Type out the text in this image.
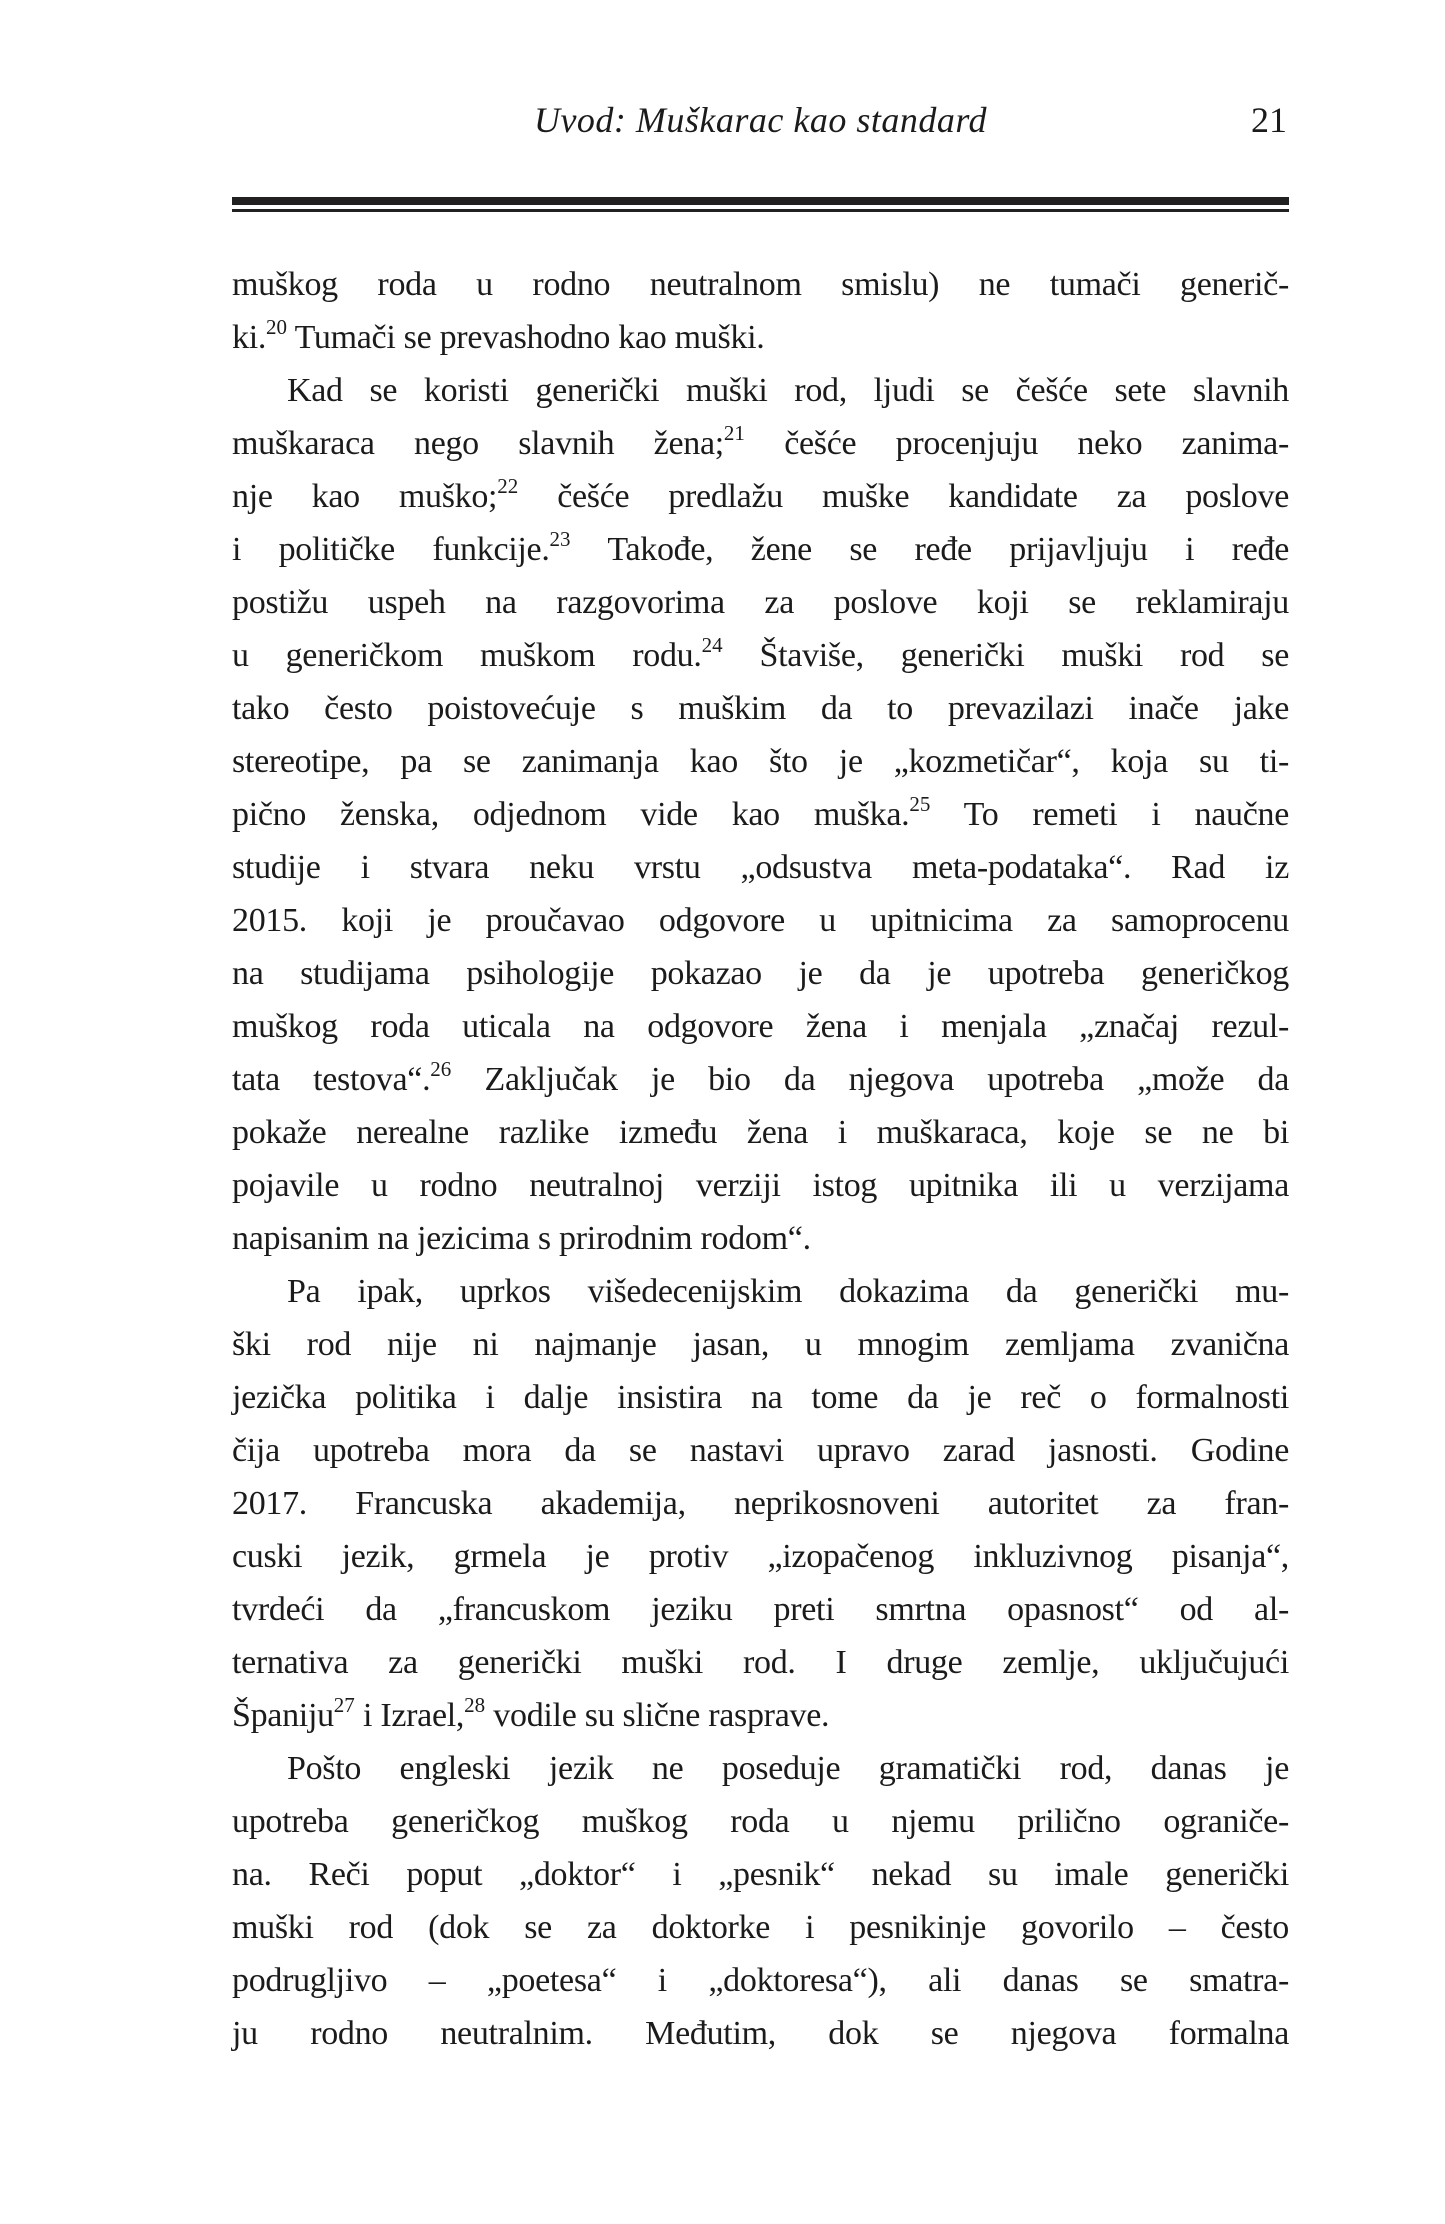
Uvod: Muškarac kao standard	21
muškog roda u rodno neutralnom smislu) ne tumači generič-
ki.$^{20}$ Tumači se prevashodno kao muški.
Kad se koristi generički muški rod, ljudi se češće sete slavnih
muškaraca nego slavnih žena;$^{21}$ češće procenjuju neko zanima-
nje kao muško;$^{22}$ češće predlažu muške kandidate za poslove
i političke funkcije.$^{23}$ Takođe, žene se ređe prijavljuju i ređe
postižu uspeh na razgovorima za poslove koji se reklamiraju
u generičkom muškom rodu.$^{24}$ Štaviše, generički muški rod se
tako često poistovećuje s muškim da to prevazilazi inače jake
stereotipe, pa se zanimanja kao što je „kozmetičar“, koja su ti-
pično ženska, odjednom vide kao muška.$^{25}$ To remeti i naučne
studije i stvara neku vrstu „odsustva meta-podataka“. Rad iz
2015. koji je proučavao odgovore u upitnicima za samoprocenu
na studijama psihologije pokazao je da je upotreba generičkog
muškog roda uticala na odgovore žena i menjala „značaj rezul-
tata testova“.$^{26}$ Zaključak je bio da njegova upotreba „može da
pokaže nerealne razlike između žena i muškaraca, koje se ne bi
pojavile u rodno neutralnoj verziji istog upitnika ili u verzijama
napisanim na jezicima s prirodnim rodom“.
Pa ipak, uprkos višedecenijskim dokazima da generički mu-
ški rod nije ni najmanje jasan, u mnogim zemljama zvanična
jezička politika i dalje insistira na tome da je reč o formalnosti
čija upotreba mora da se nastavi upravo zarad jasnosti. Godine
2017. Francuska akademija, neprikosnoveni autoritet za fran-
cuski jezik, grmela je protiv „izopačenog inkluzivnog pisanja“,
tvrdeći da „francuskom jeziku preti smrtna opasnost“ od al-
ternativa za generički muški rod. I druge zemlje, uključujući
Španiju$^{27}$ i Izrael,$^{28}$ vodile su slične rasprave.
Pošto engleski jezik ne poseduje gramatički rod, danas je
upotreba generičkog muškog roda u njemu prilično ograniče-
na. Reči poput „doktor“ i „pesnik“ nekad su imale generički
muški rod (dok se za doktorke i pesnikinje govorilo – često
podrugljivo – „poetesa“ i „doktoresa“), ali danas se smatra-
ju rodno neutralnim. Međutim, dok se njegova formalna
